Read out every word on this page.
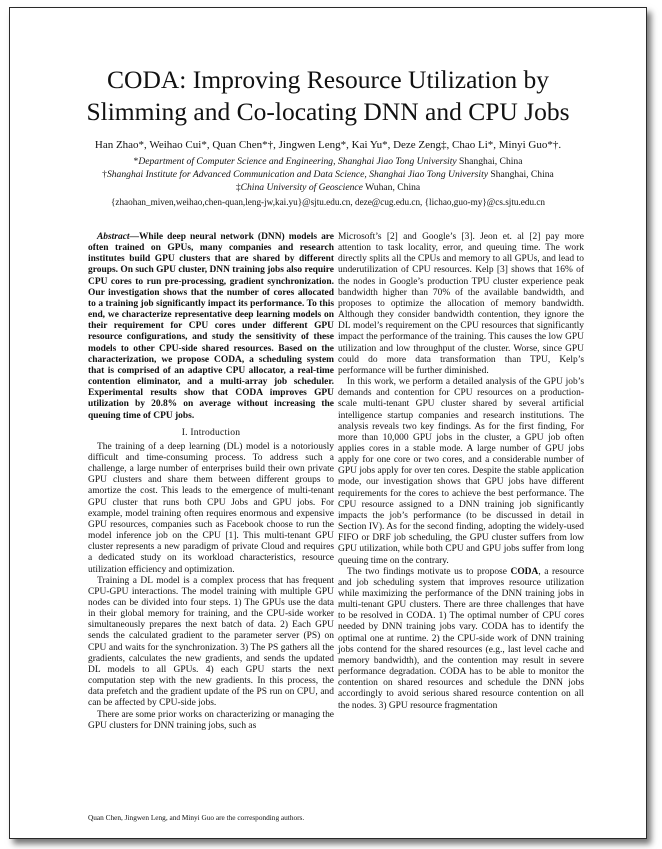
CODA: Improving Resource Utilization by
Slimming and Co-locating DNN and CPU Jobs
Han Zhao*, Weihao Cui*, Quan Chen*†, Jingwen Leng*, Kai Yu*, Deze Zeng‡, Chao Li*, Minyi Guo*†.
*Department of Computer Science and Engineering, Shanghai Jiao Tong University Shanghai, China
†Shanghai Institute for Advanced Communication and Data Science, Shanghai Jiao Tong University Shanghai, China
‡China University of Geoscience Wuhan, China
{zhaohan_miven,weihao,chen-quan,leng-jw,kai.yu}@sjtu.edu.cn, deze@cug.edu.cn, {lichao,guo-my}@cs.sjtu.edu.cn

Abstract—While deep neural network (DNN) models are often trained on GPUs, many companies and research institutes build GPU clusters that are shared by different groups. On such GPU cluster, DNN training jobs also require CPU cores to run pre-processing, gradient synchronization. Our investigation shows that the number of cores allocated to a training job significantly impact its performance. To this end, we characterize representative deep learning models on their requirement for CPU cores under different GPU resource configurations, and study the sensitivity of these models to other CPU-side shared resources. Based on the characterization, we propose CODA, a scheduling system that is comprised of an adaptive CPU allocator, a real-time contention eliminator, and a multi-array job scheduler. Experimental results show that CODA improves GPU utilization by 20.8% on average without increasing the queuing time of CPU jobs.

I. Introduction

The training of a deep learning (DL) model is a notoriously difficult and time-consuming process. To address such a challenge, a large number of enterprises build their own private GPU clusters and share them between different groups to amortize the cost. This leads to the emergence of multi-tenant GPU cluster that runs both CPU Jobs and GPU jobs. For example, model training often requires enormous and expensive GPU resources, companies such as Facebook choose to run the model inference job on the CPU [1]. This multi-tenant GPU cluster represents a new paradigm of private Cloud and requires a dedicated study on its workload characteristics, resource utilization efficiency and optimization.

Training a DL model is a complex process that has frequent CPU-GPU interactions. The model training with multiple GPU nodes can be divided into four steps. 1) The GPUs use the data in their global memory for training, and the CPU-side worker simultaneously prepares the next batch of data. 2) Each GPU sends the calculated gradient to the parameter server (PS) on CPU and waits for the synchronization. 3) The PS gathers all the gradients, calculates the new gradients, and sends the updated DL models to all GPUs. 4) each GPU starts the next computation step with the new gradients. In this process, the data prefetch and the gradient update of the PS run on CPU, and can be affected by CPU-side jobs.

There are some prior works on characterizing or managing the GPU clusters for DNN training jobs, such as

Quan Chen, Jingwen Leng, and Minyi Guo are the corresponding authors.

Microsoft’s [2] and Google’s [3]. Jeon et. al [2] pay more attention to task locality, error, and queuing time. The work directly splits all the CPUs and memory to all GPUs, and lead to underutilization of CPU resources. Kelp [3] shows that 16% of the nodes in Google’s production TPU cluster experience peak bandwidth higher than 70% of the available bandwidth, and proposes to optimize the allocation of memory bandwidth. Although they consider bandwidth contention, they ignore the DL model’s requirement on the CPU resources that significantly impact the performance of the training. This causes the low GPU utilization and low throughput of the cluster. Worse, since GPU could do more data transformation than TPU, Kelp’s performance will be further diminished.

In this work, we perform a detailed analysis of the GPU job’s demands and contention for CPU resources on a production-scale multi-tenant GPU cluster shared by several artificial intelligence startup companies and research institutions. The analysis reveals two key findings. As for the first finding, For more than 10,000 GPU jobs in the cluster, a GPU job often applies cores in a stable mode. A large number of GPU jobs apply for one core or two cores, and a considerable number of GPU jobs apply for over ten cores. Despite the stable application mode, our investigation shows that GPU jobs have different requirements for the cores to achieve the best performance. The CPU resource assigned to a DNN training job significantly impacts the job’s performance (to be discussed in detail in Section IV). As for the second finding, adopting the widely-used FIFO or DRF job scheduling, the GPU cluster suffers from low GPU utilization, while both CPU and GPU jobs suffer from long queuing time on the contrary.

The two findings motivate us to propose CODA, a resource and job scheduling system that improves resource utilization while maximizing the performance of the DNN training jobs in multi-tenant GPU clusters. There are three challenges that have to be resolved in CODA. 1) The optimal number of CPU cores needed by DNN training jobs vary. CODA has to identify the optimal one at runtime. 2) the CPU-side work of DNN training jobs contend for the shared resources (e.g., last level cache and memory bandwidth), and the contention may result in severe performance degradation. CODA has to be able to monitor the contention on shared resources and schedule the DNN jobs accordingly to avoid serious shared resource contention on all the nodes. 3) GPU resource fragmentation
